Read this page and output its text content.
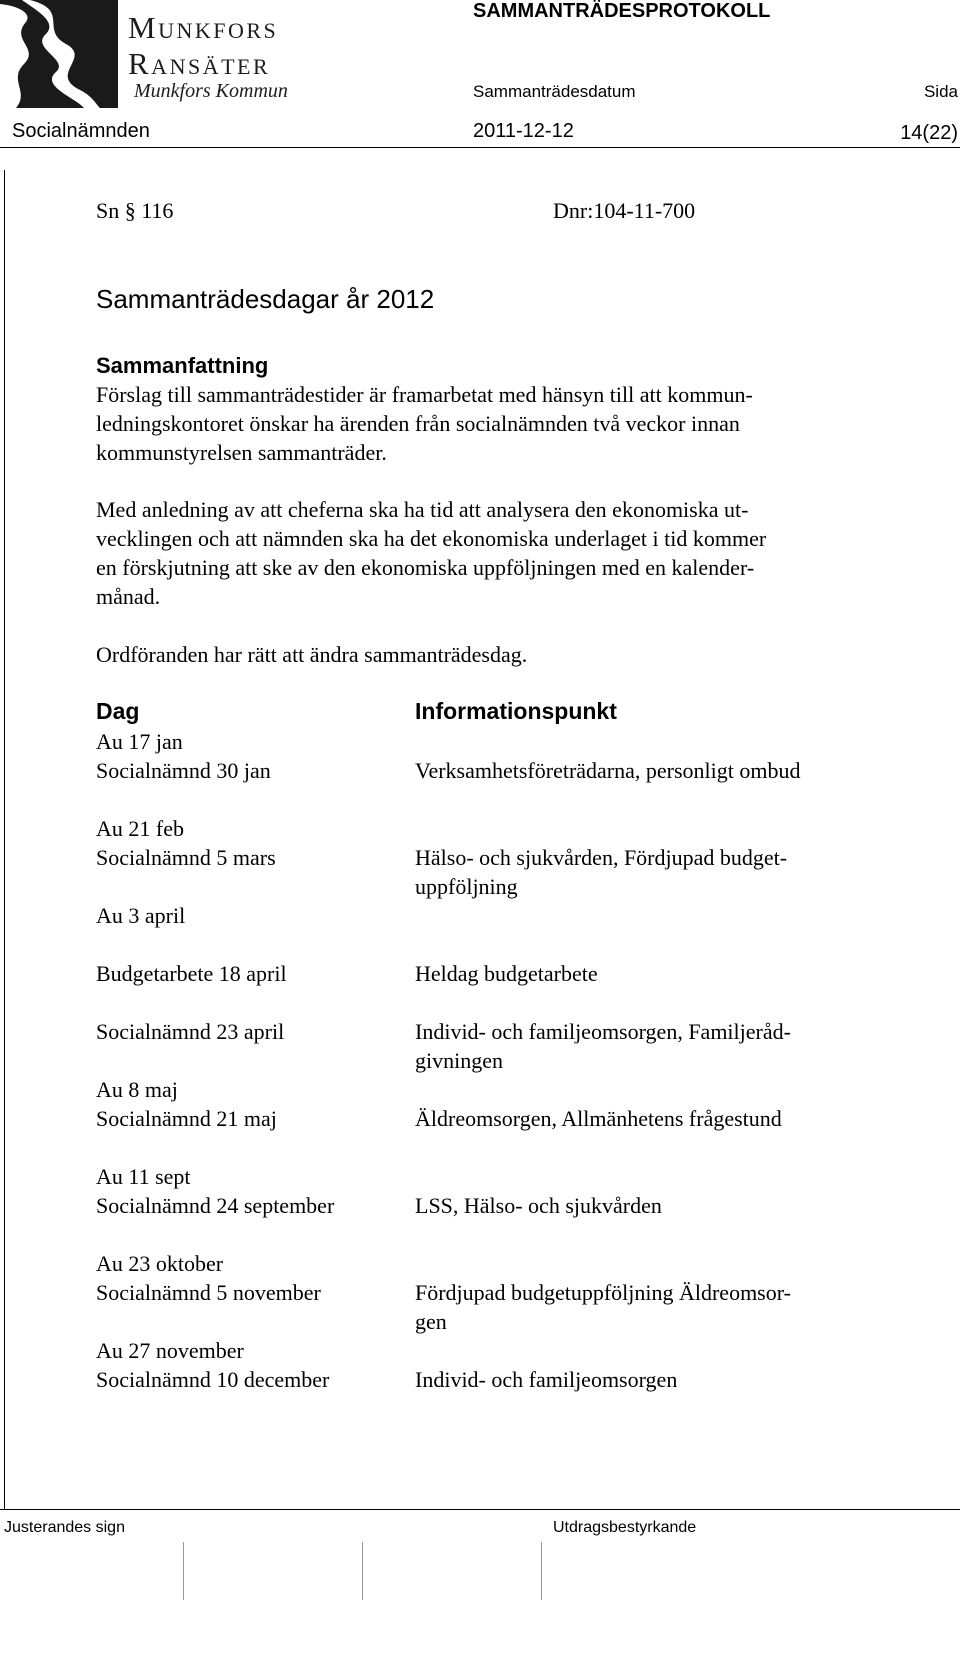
Munkfors
Ransäter
Munkfors Kommun
SAMMANTRÄDESPROTOKOLL
Sammanträdesdatum	Sida
Socialnämnden	2011-12-12	14(22)
Sn § 116	Dnr:104-11-700
Sammanträdesdagar år 2012
Sammanfattning
Förslag till sammanträdestider är framarbetat med hänsyn till att kommun-
ledningskontoret önskar ha ärenden från socialnämnden två veckor innan
kommunstyrelsen sammanträder.
Med anledning av att cheferna ska ha tid att analysera den ekonomiska ut-
vecklingen och att nämnden ska ha det ekonomiska underlaget i tid kommer
en förskjutning att ske av den ekonomiska uppföljningen med en kalender-
månad.
Ordföranden har rätt att ändra sammanträdesdag.
Dag	Informationspunkt
Au 17 jan
Socialnämnd 30 jan	Verksamhetsföreträdarna, personligt ombud
Au 21 feb
Socialnämnd 5 mars	Hälso- och sjukvården, Fördjupad budget-
uppföljning
Au 3 april
Budgetarbete 18 april	Heldag budgetarbete
Socialnämnd 23 april	Individ- och familjeomsorgen, Familjeråd-
givningen
Au 8 maj
Socialnämnd 21 maj	Äldreomsorgen, Allmänhetens frågestund
Au 11 sept
Socialnämnd 24 september	LSS, Hälso- och sjukvården
Au 23 oktober
Socialnämnd 5 november	Fördjupad budgetuppföljning Äldreomsor-
gen
Au 27 november
Socialnämnd 10 december	Individ- och familjeomsorgen
Justerandes sign	Utdragsbestyrkande
